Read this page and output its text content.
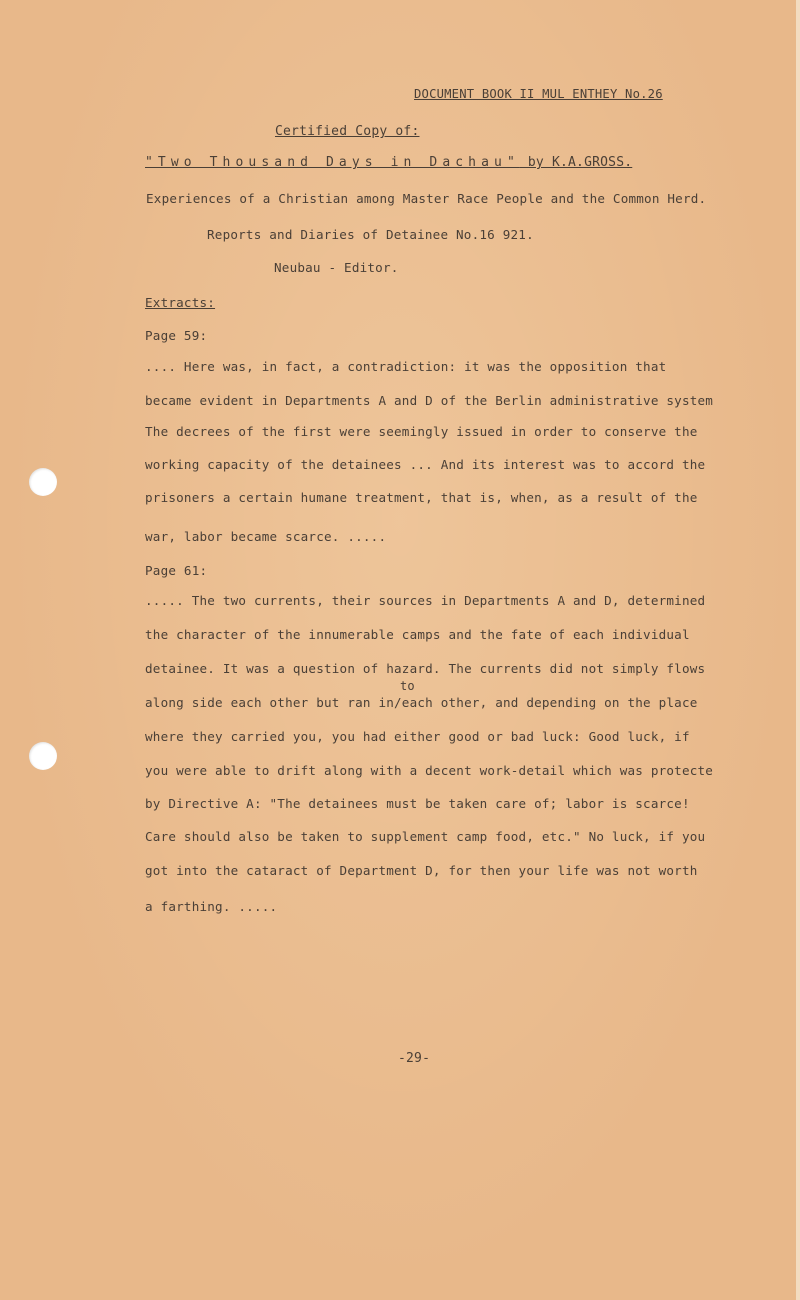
DOCUMENT BOOK II MUL ENTHEY No.26
Certified Copy of:
"Two Thousand Days in Dachau" by K.A.GROSS.
Experiences of a Christian among Master Race People and the Common Herd.
Reports and Diaries of Detainee No.16 921.
Neubau - Editor.
Extracts:
Page 59:
.... Here was, in fact, a contradiction: it was the opposition that
became evident in Departments A and D of the Berlin administrative system
The decrees of the first were seemingly issued in order to conserve the
working capacity of the detainees ... And its interest was to accord the
prisoners a certain humane treatment, that is, when, as a result of the
war, labor became scarce. .....
Page 61:
..... The two currents, their sources in Departments A and D, determined
the character of the innumerable camps and the fate of each individual
detainee. It was a question of hazard. The currents did not simply flows
to
along side each other but ran in/each other, and depending on the place
where they carried you, you had either good or bad luck: Good luck, if
you were able to drift along with a decent work-detail which was protecte
by Directive A: "The detainees must be taken care of; labor is scarce!
Care should also be taken to supplement camp food, etc." No luck, if you
got into the cataract of Department D, for then your life was not worth
a farthing. .....
-29-
